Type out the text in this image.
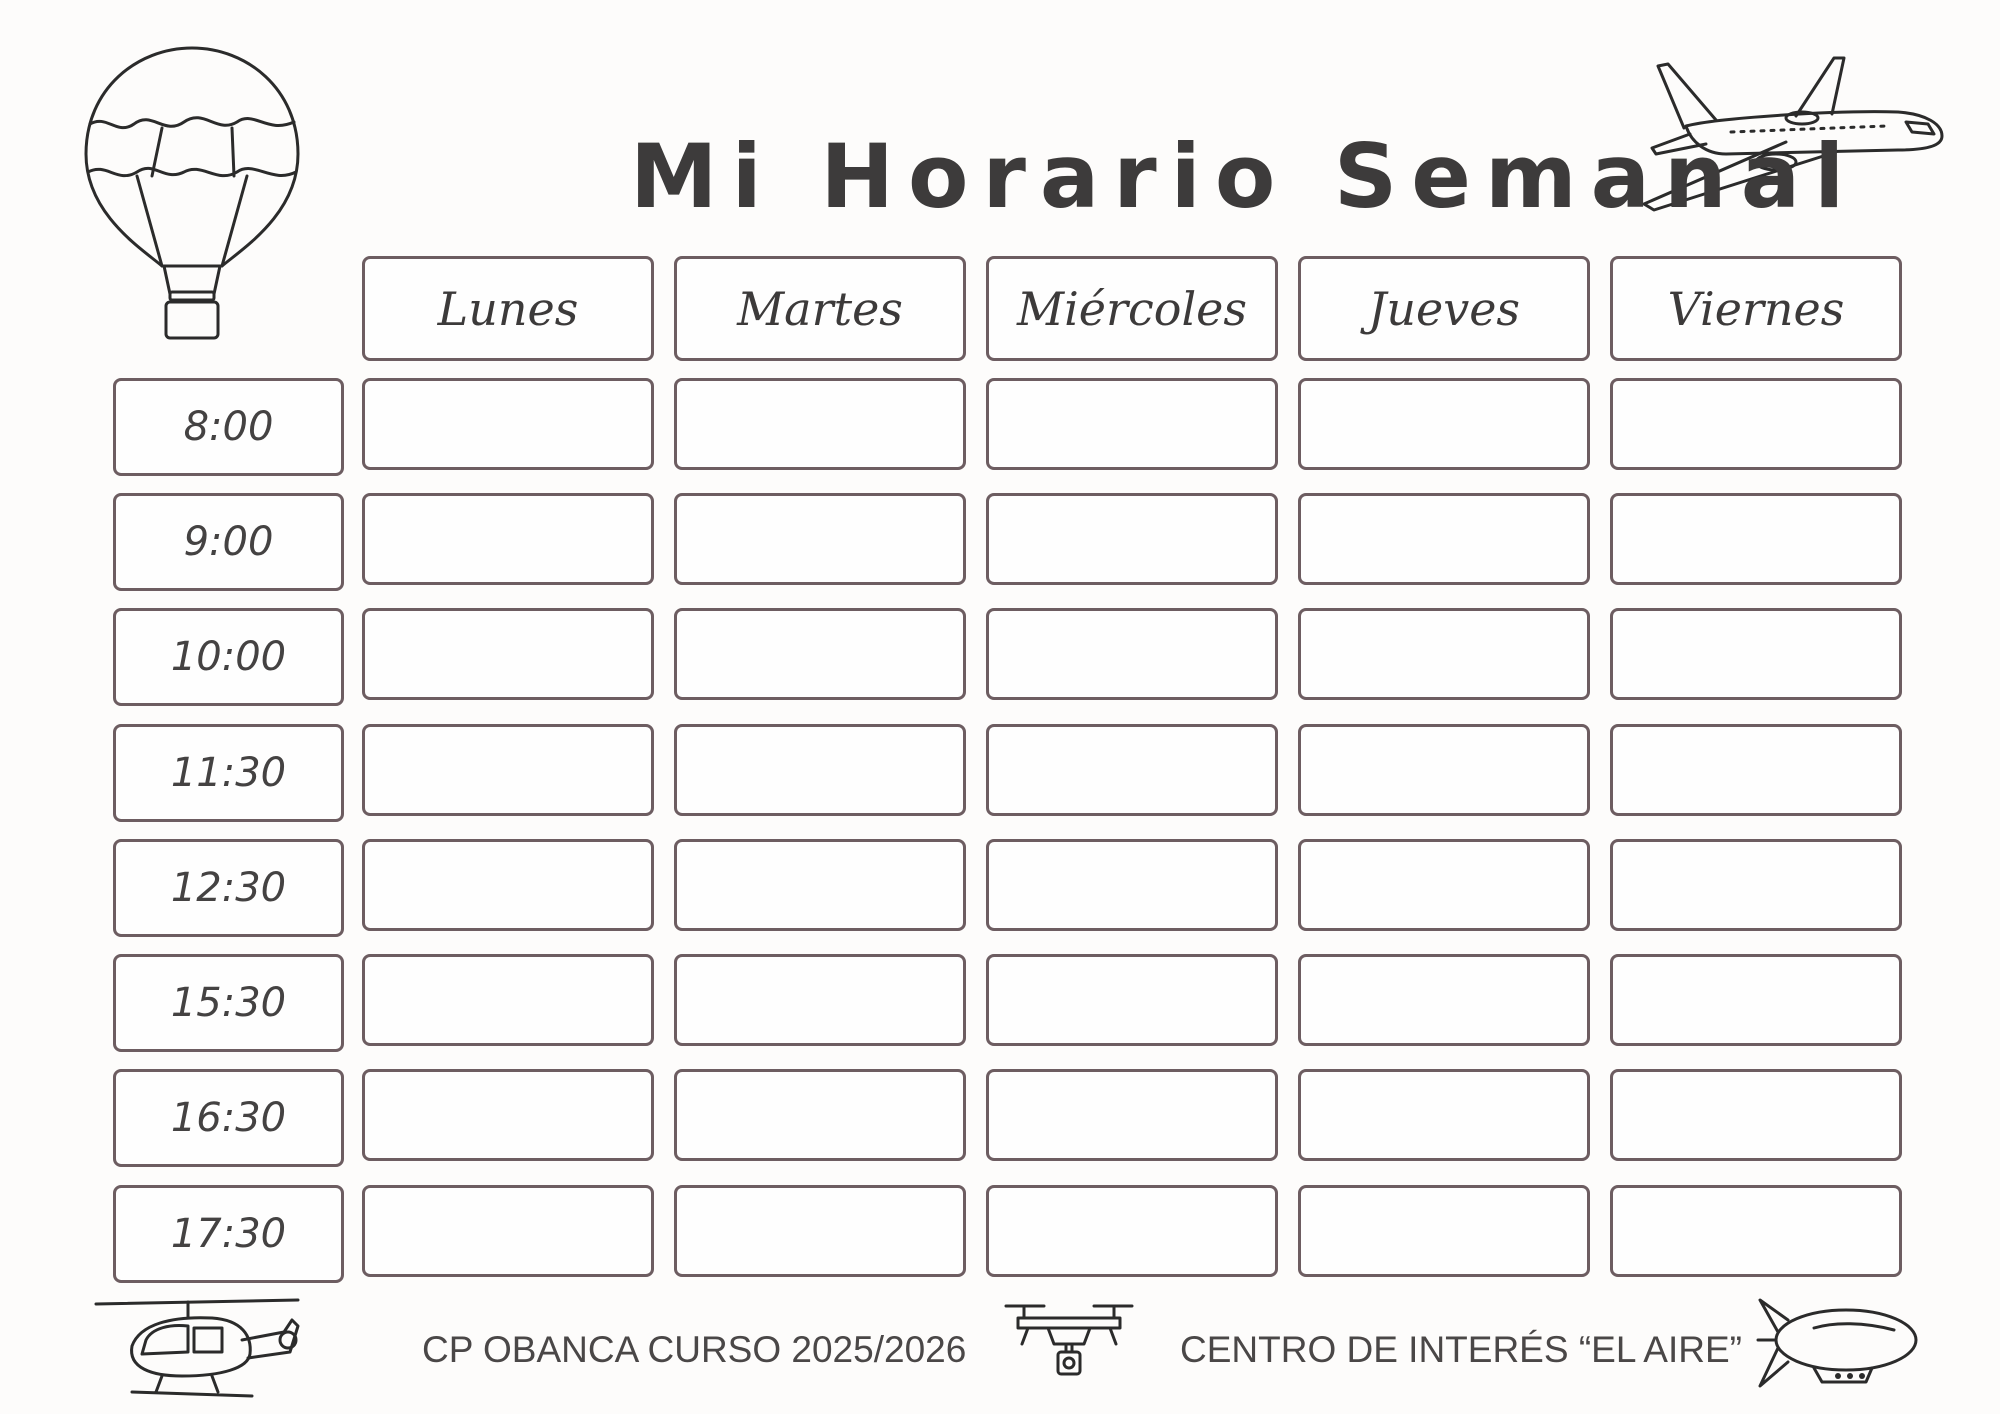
Mi Horario Semanal
Lunes	Martes	Miércoles	Jueves	Viernes
8:00
9:00
10:00
11:30
12:30
15:30
16:30
17:30
CP OBANCA CURSO 2025/2026	CENTRO DE INTERÉS “EL AIRE”
